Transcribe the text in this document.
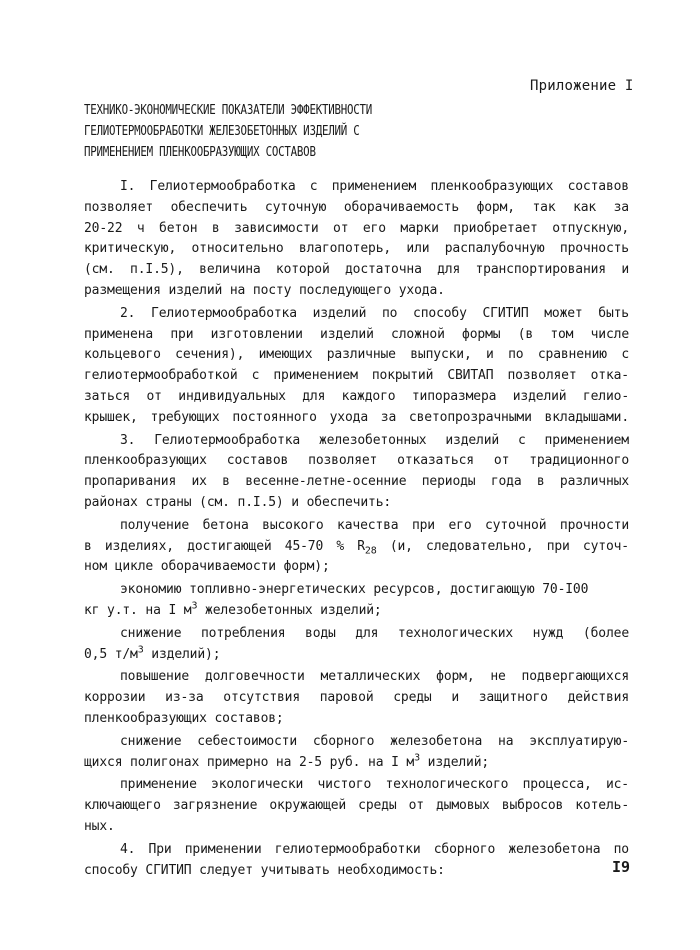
Приложение I
ТЕХНИКО-ЭКОНОМИЧЕСКИЕ ПОКАЗАТЕЛИ ЭФФЕКТИВНОСТИ
ГЕЛИОТЕРМООБРАБОТКИ ЖЕЛЕЗОБЕТОННЫХ ИЗДЕЛИЙ С
ПРИМЕНЕНИЕМ ПЛЕНКООБРАЗУЮЩИХ СОСТАВОВ
I. Гелиотермообработка с применением пленкообразующих составов
позволяет обеспечить суточную оборачиваемость форм, так как за
20-22 ч бетон в зависимости от его марки приобретает отпускную,
критическую, относительно влагопотерь, или распалубочную прочность
(см. п.I.5), величина которой достаточна для транспортирования и
размещения изделий на посту последующего ухода.
2. Гелиотермообработка изделий по способу СГИТИП может быть
применена при изготовлении изделий сложной формы (в том числе
кольцевого сечения), имеющих различные выпуски, и по сравнению с
гелиотермообработкой с применением покрытий СВИТАП позволяет отка-
заться от индивидуальных для каждого типоразмера изделий гелио-
крышек, требующих постоянного ухода за светопрозрачными вкладышами.
3. Гелиотермообработка железобетонных изделий с применением
пленкообразующих составов позволяет отказаться от традиционного
пропаривания их в весенне-летне-осенние периоды года в различных
районах страны (см. п.I.5) и обеспечить:
получение бетона высокого качества при его суточной прочности
в изделиях, достигающей 45-70 % $R_{28}$ (и, следовательно, при суточ-
ном цикле оборачиваемости форм);
экономию топливно-энергетических ресурсов, достигающую 70-I00
кг у.т. на I $м^3$ железобетонных изделий;
снижение потребления воды для технологических нужд (более
0,5 $т/м^3$ изделий);
повышение долговечности металлических форм, не подвергающихся
коррозии из-за отсутствия паровой среды и защитного действия
пленкообразующих составов;
снижение себестоимости сборного железобетона на эксплуатирую-
щихся полигонах примерно на 2-5 руб. на I $м^3$ изделий;
применение экологически чистого технологического процесса, ис-
ключающего загрязнение окружающей среды от дымовых выбросов котель-
ных.
4. При применении гелиотермообработки сборного железобетона по
способу СГИТИП следует учитывать необходимость:	I9
